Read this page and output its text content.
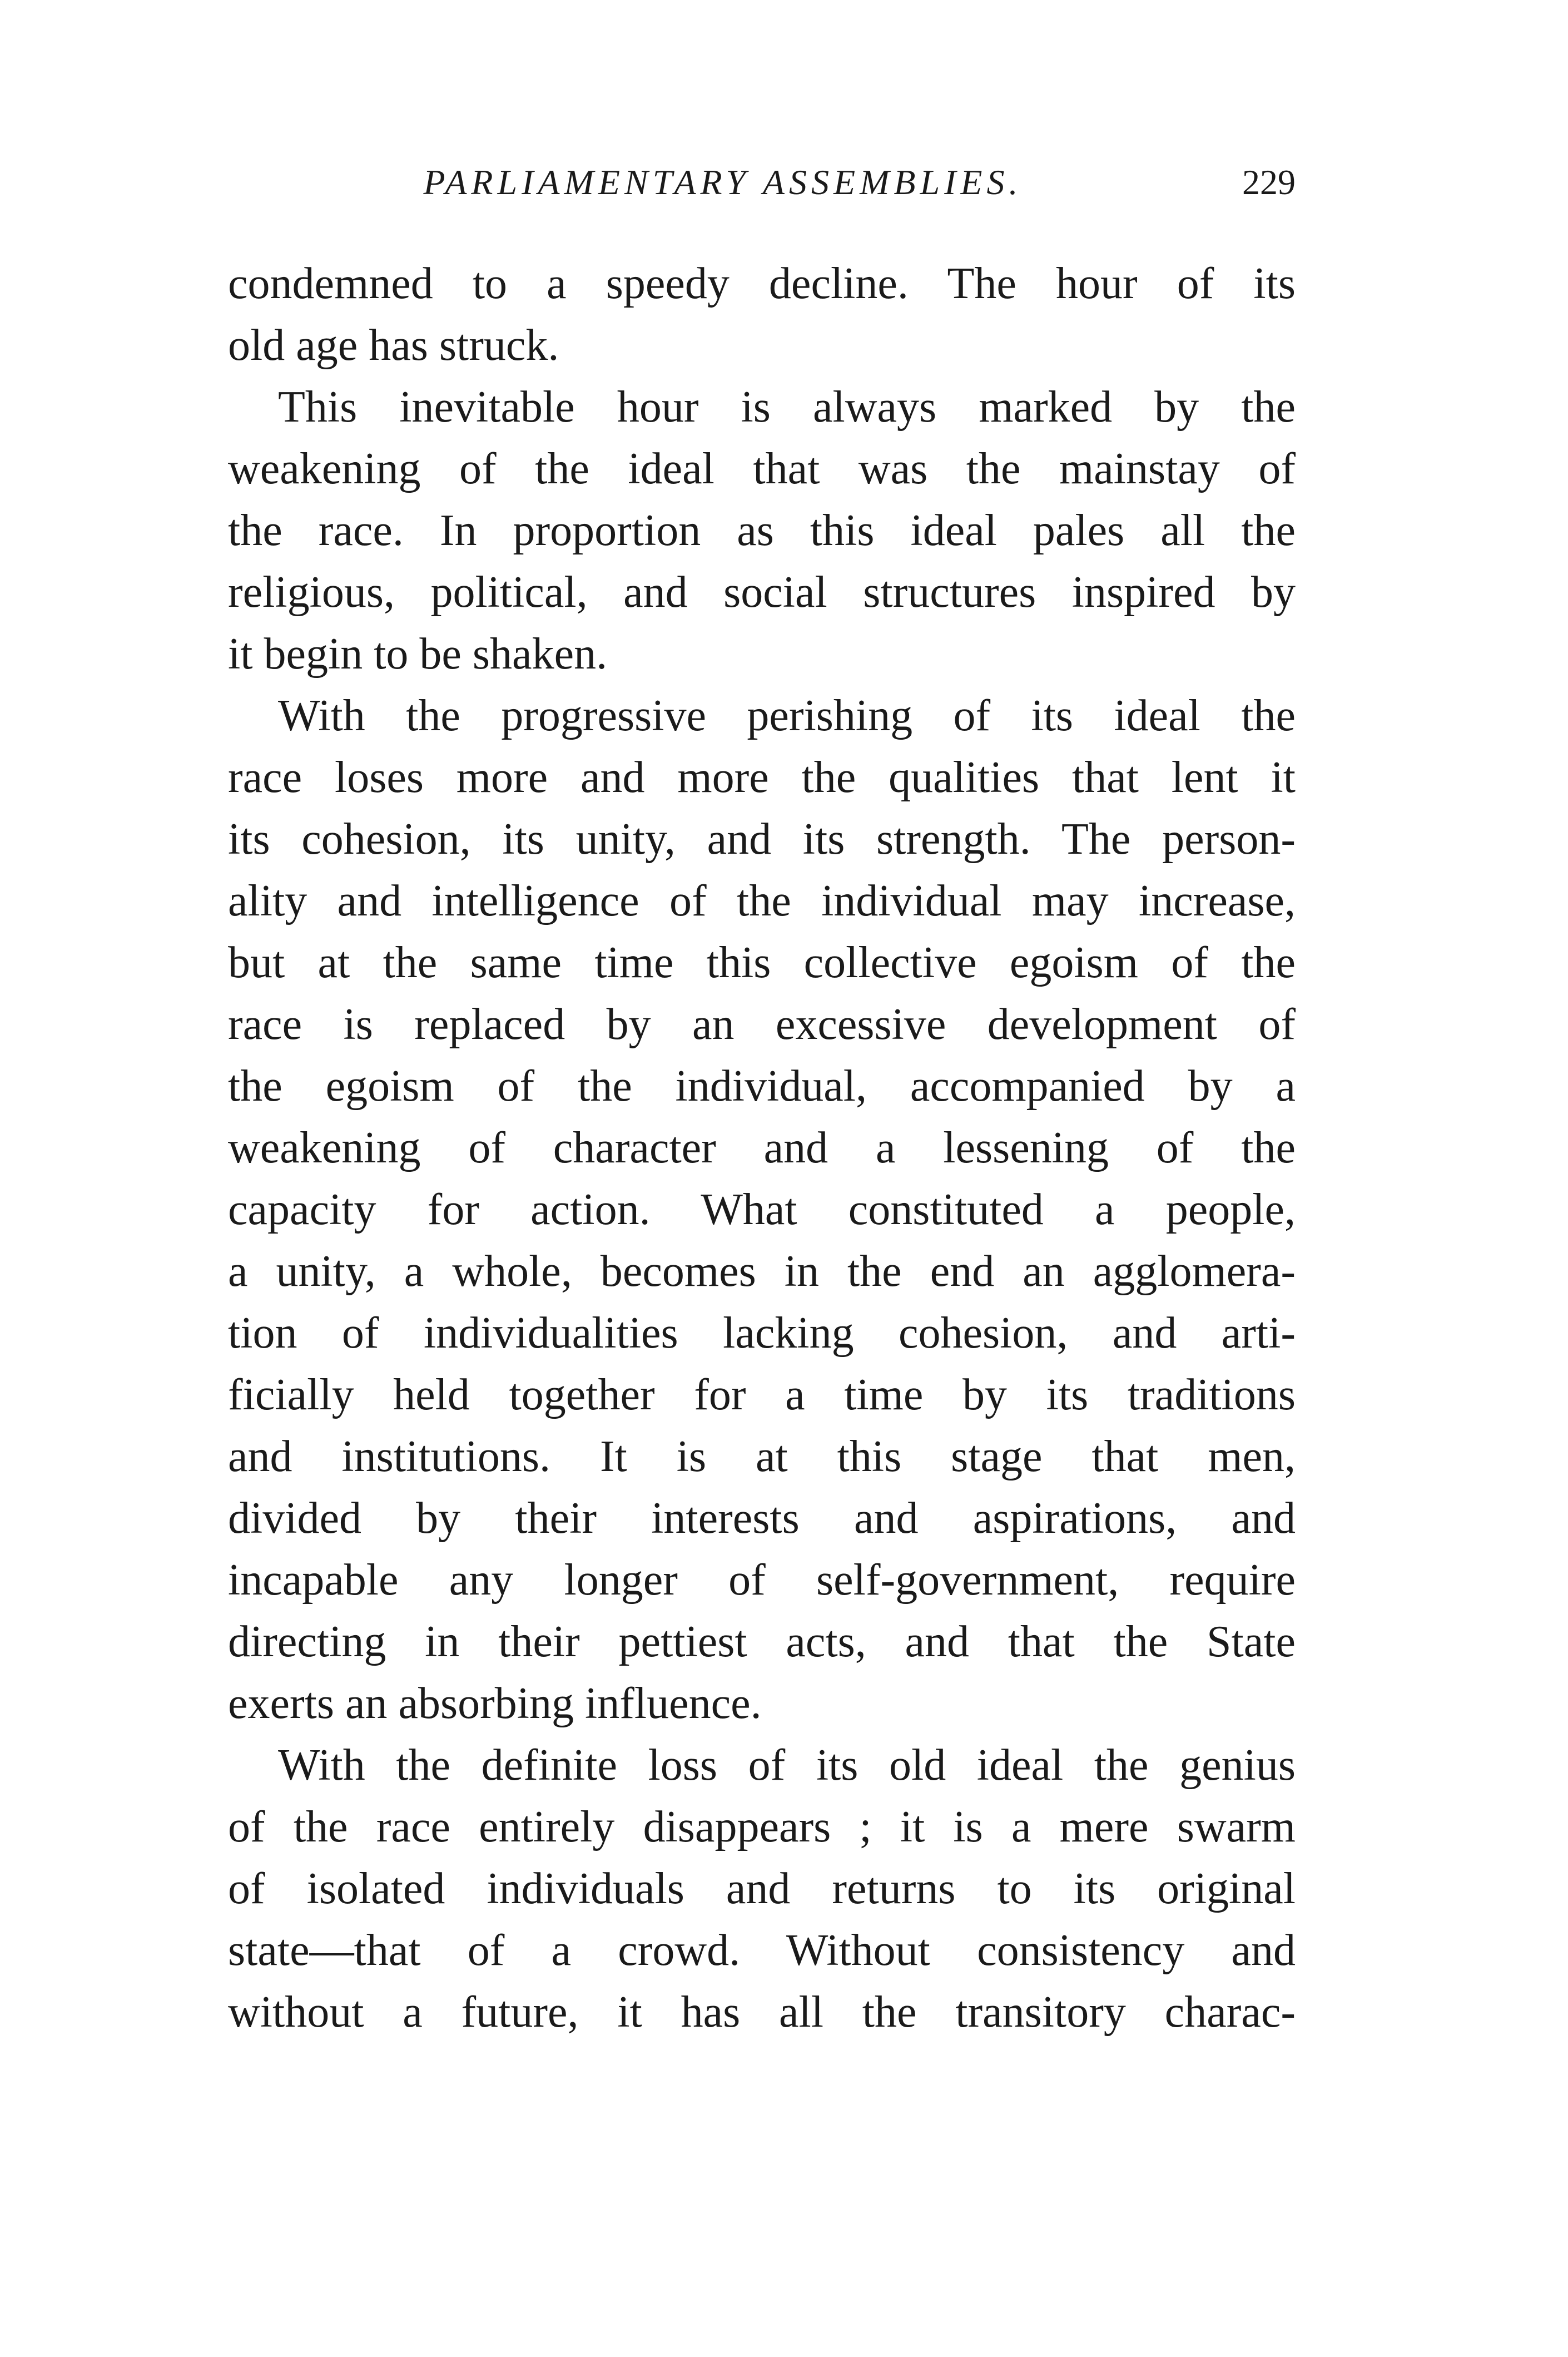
PARLIAMENTARY ASSEMBLIES.	229
condemned to a speedy decline. The hour of its
old age has struck.
This inevitable hour is always marked by the
weakening of the ideal that was the mainstay of
the race. In proportion as this ideal pales all the
religious, political, and social structures inspired by
it begin to be shaken.
With the progressive perishing of its ideal the
race loses more and more the qualities that lent it
its cohesion, its unity, and its strength. The person-
ality and intelligence of the individual may increase,
but at the same time this collective egoism of the
race is replaced by an excessive development of
the egoism of the individual, accompanied by a
weakening of character and a lessening of the
capacity for action. What constituted a people,
a unity, a whole, becomes in the end an agglomera-
tion of individualities lacking cohesion, and arti-
ficially held together for a time by its traditions
and institutions. It is at this stage that men,
divided by their interests and aspirations, and
incapable any longer of self-government, require
directing in their pettiest acts, and that the State
exerts an absorbing influence.
With the definite loss of its old ideal the genius
of the race entirely disappears ; it is a mere swarm
of isolated individuals and returns to its original
state—that of a crowd. Without consistency and
without a future, it has all the transitory charac-
